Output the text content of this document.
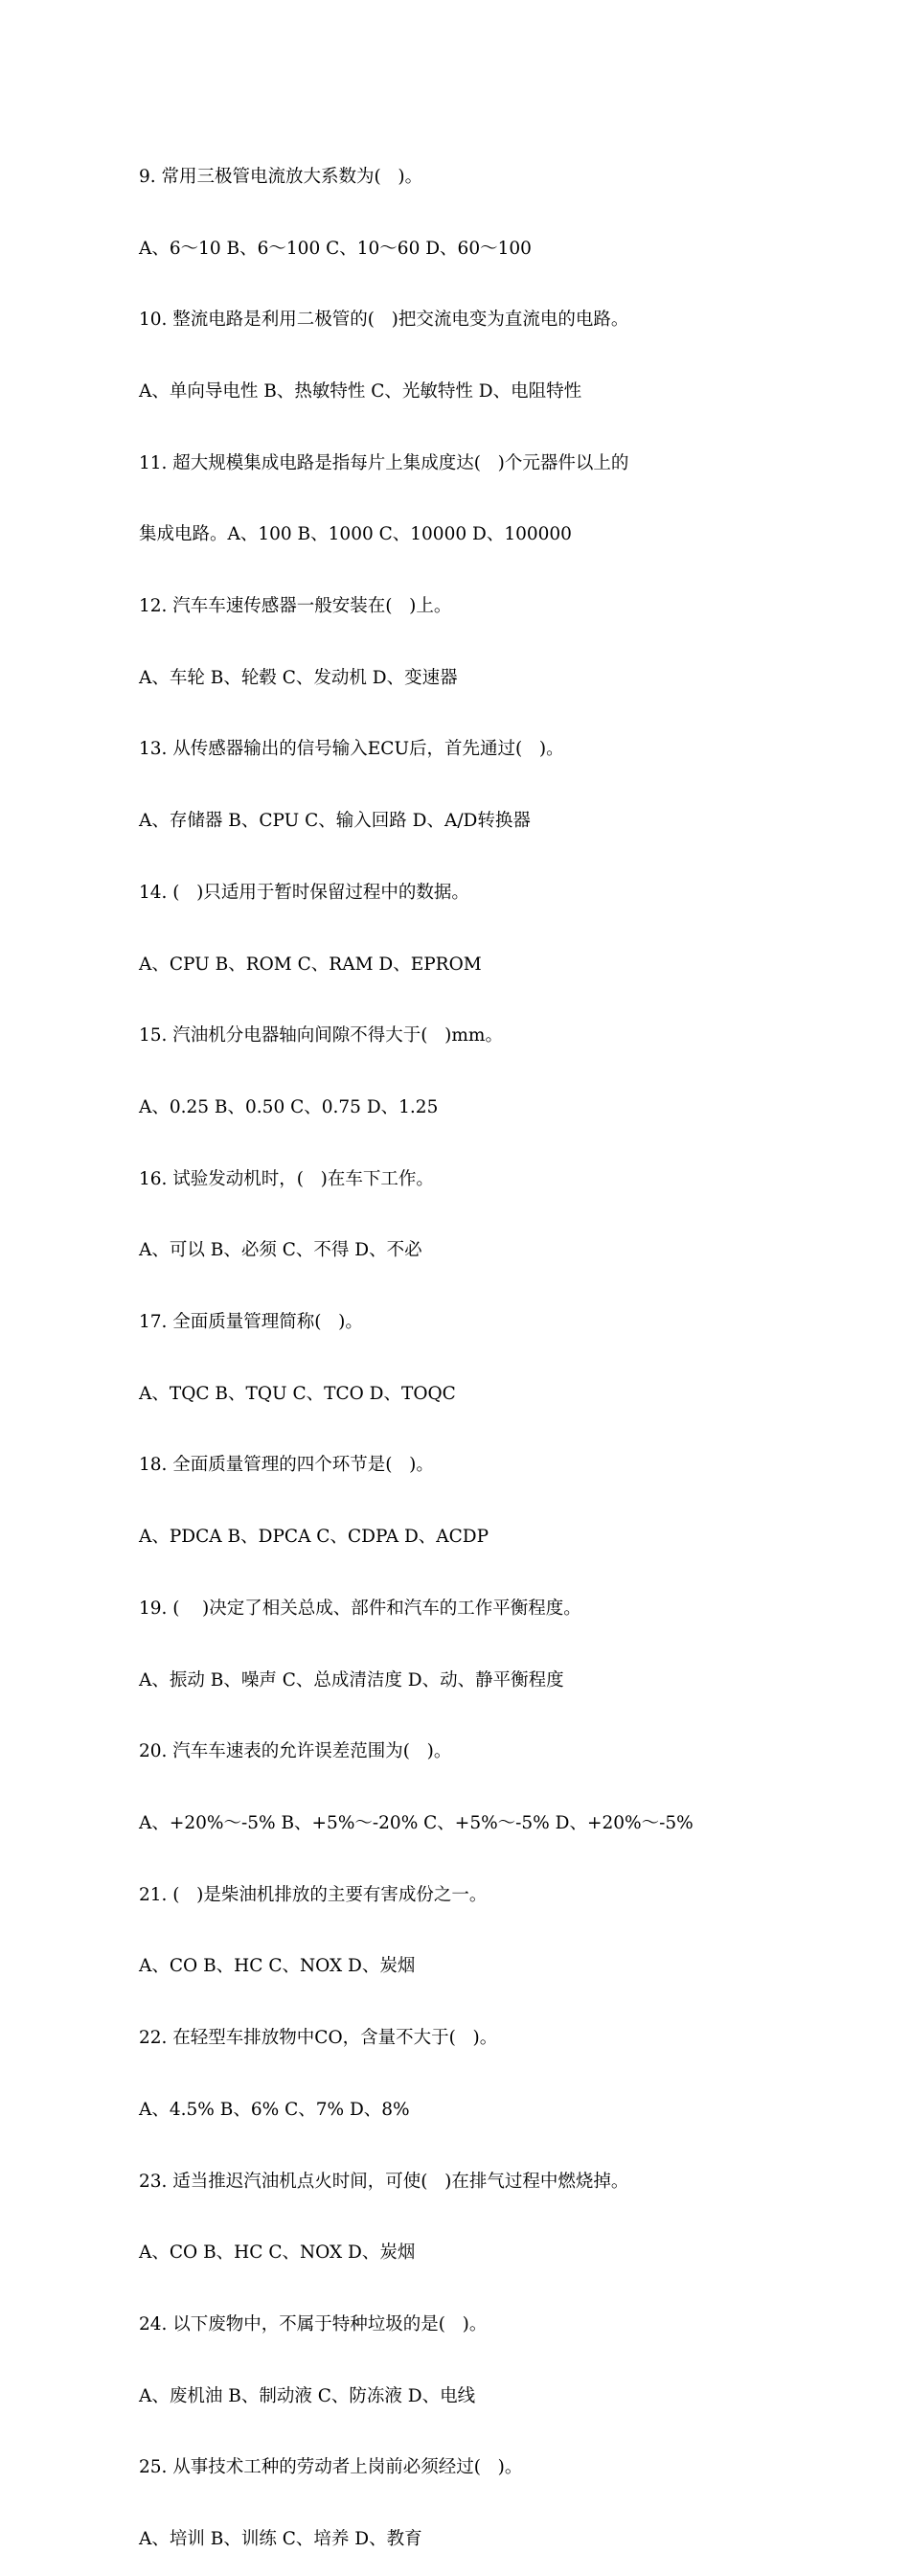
9. 常用三极管电流放大系数为(   )。

A、6～10 B、6～100 C、10～60 D、60～100

10. 整流电路是利用二极管的(   )把交流电变为直流电的电路。

A、单向导电性 B、热敏特性 C、光敏特性 D、电阻特性

11. 超大规模集成电路是指每片上集成度达(   )个元器件以上的

集成电路。A、100 B、1000 C、10000 D、100000

12. 汽车车速传感器一般安装在(   )上。

A、车轮 B、轮毂 C、发动机 D、变速器

13. 从传感器输出的信号输入ECU后，首先通过(   )。

A、存储器 B、CPU C、输入回路 D、A/D转换器

14. (   )只适用于暂时保留过程中的数据。

A、CPU B、ROM C、RAM D、EPROM

15. 汽油机分电器轴向间隙不得大于(   )mm。

A、0.25 B、0.50 C、0.75 D、1.25

16. 试验发动机时，(   )在车下工作。

A、可以 B、必须 C、不得 D、不必

17. 全面质量管理简称(   )。

A、TQC B、TQU C、TCO D、TOQC

18. 全面质量管理的四个环节是(   )。

A、PDCA B、DPCA C、CDPA D、ACDP

19. (    )决定了相关总成、部件和汽车的工作平衡程度。

A、振动 B、噪声 C、总成清洁度 D、动、静平衡程度

20. 汽车车速表的允许误差范围为(   )。

A、+20%～-5% B、+5%～-20% C、+5%～-5% D、+20%～-5%

21. (   )是柴油机排放的主要有害成份之一。

A、CO B、HC C、NOX D、炭烟

22. 在轻型车排放物中CO，含量不大于(   )。

A、4.5% B、6% C、7% D、8%

23. 适当推迟汽油机点火时间，可使(   )在排气过程中燃烧掉。

A、CO B、HC C、NOX D、炭烟

24. 以下废物中，不属于特种垃圾的是(   )。

A、废机油 B、制动液 C、防冻液 D、电线

25. 从事技术工种的劳动者上岗前必须经过(   )。

A、培训 B、训练 C、培养 D、教育
